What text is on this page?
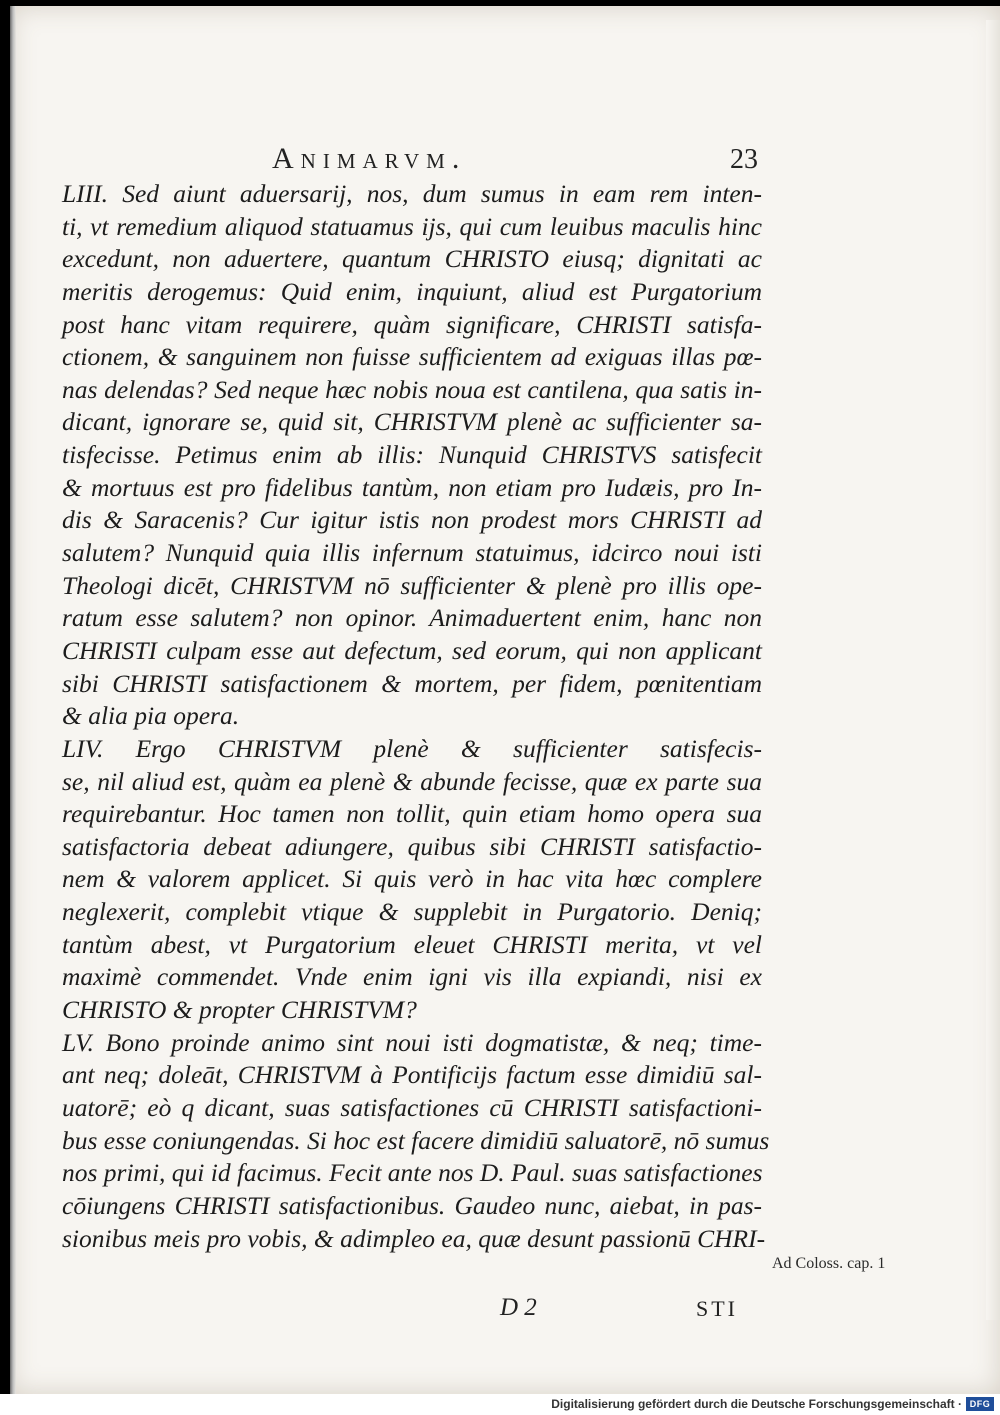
Animarvm.	23
LIII. Sed aiunt aduersarij, nos, dum sumus in eam rem inten-
ti, vt remedium aliquod statuamus ijs, qui cum leuibus maculis hinc
excedunt, non aduertere, quantum CHRISTO eiusq; dignitati ac
meritis derogemus: Quid enim, inquiunt, aliud est Purgatorium
post hanc vitam requirere, quàm significare, CHRISTI satisfa-
ctionem, & sanguinem non fuisse sufficientem ad exiguas illas pœ-
nas delendas? Sed neque hæc nobis noua est cantilena, qua satis in-
dicant, ignorare se, quid sit, CHRISTVM plenè ac sufficienter sa-
tisfecisse. Petimus enim ab illis: Nunquid CHRISTVS satisfecit
& mortuus est pro fidelibus tantùm, non etiam pro Iudæis, pro In-
dis & Saracenis? Cur igitur istis non prodest mors CHRISTI ad
salutem? Nunquid quia illis infernum statuimus, idcirco noui isti
Theologi dicēt, CHRISTVM nō sufficienter & plenè pro illis ope-
ratum esse salutem? non opinor. Animaduertent enim, hanc non
CHRISTI culpam esse aut defectum, sed eorum, qui non applicant
sibi CHRISTI satisfactionem & mortem, per fidem, pœnitentiam
& alia pia opera.
LIV. Ergo CHRISTVM plenè & sufficienter satisfecis-
se, nil aliud est, quàm ea plenè & abunde fecisse, quæ ex parte sua
requirebantur. Hoc tamen non tollit, quin etiam homo opera sua
satisfactoria debeat adiungere, quibus sibi CHRISTI satisfactio-
nem & valorem applicet. Si quis verò in hac vita hœc complere
neglexerit, complebit vtique & supplebit in Purgatorio. Deniq;
tantùm abest, vt Purgatorium eleuet CHRISTI merita, vt vel
maximè commendet. Vnde enim igni vis illa expiandi, nisi ex
CHRISTO & propter CHRISTVM?
LV. Bono proinde animo sint noui isti dogmatistæ, & neq; time-
ant neq; doleāt, CHRISTVM à Pontificijs factum esse dimidiū sal-
uatorē; eò q dicant, suas satisfactiones cū CHRISTI satisfactioni-
bus esse coniungendas. Si hoc est facere dimidiū saluatorē, nō sumus
nos primi, qui id facimus. Fecit ante nos D. Paul. suas satisfactiones
cōiungens CHRISTI satisfactionibus. Gaudeo nunc, aiebat, in pas-
sionibus meis pro vobis, & adimpleo ea, quæ desunt passionū CHRI-
Ad Coloss. cap. 1
D 2	STI
Digitalisierung gefördert durch die Deutsche Forschungsgemeinschaft · DFG
